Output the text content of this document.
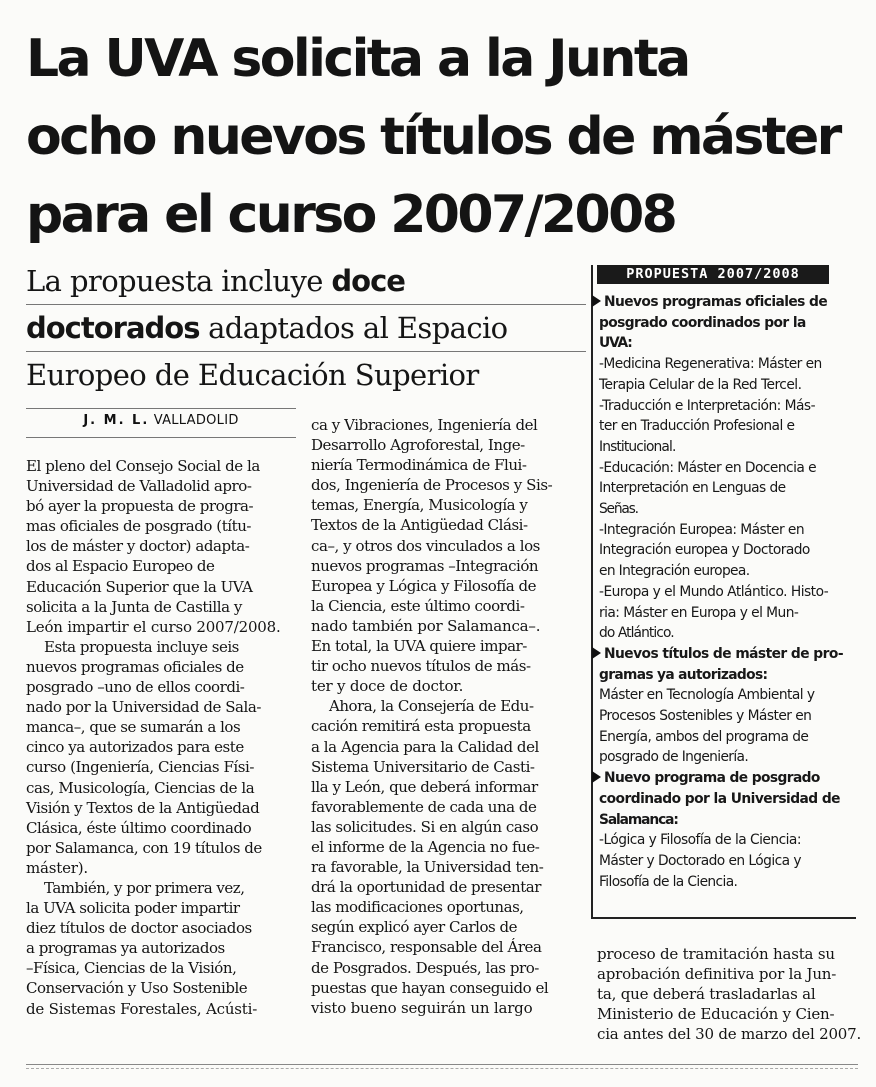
La UVA solicita a la Junta
ocho nuevos títulos de máster
para el curso 2007/2008
La propuesta incluye doce
doctorados adaptados al Espacio
Europeo de Educación Superior
J. M. L. VALLADOLID
El pleno del Consejo Social de la
Universidad de Valladolid apro-
bó ayer la propuesta de progra-
mas oficiales de posgrado (títu-
los de máster y doctor) adapta-
dos al Espacio Europeo de
Educación Superior que la UVA
solicita a la Junta de Castilla y
León impartir el curso 2007/2008.
Esta propuesta incluye seis
nuevos programas oficiales de
posgrado –uno de ellos coordi-
nado por la Universidad de Sala-
manca–, que se sumarán a los
cinco ya autorizados para este
curso (Ingeniería, Ciencias Físi-
cas, Musicología, Ciencias de la
Visión y Textos de la Antigüedad
Clásica, éste último coordinado
por Salamanca, con 19 títulos de
máster).
También, y por primera vez,
la UVA solicita poder impartir
diez títulos de doctor asociados
a programas ya autorizados
–Física, Ciencias de la Visión,
Conservación y Uso Sostenible
de Sistemas Forestales, Acústi-
ca y Vibraciones, Ingeniería del
Desarrollo Agroforestal, Inge-
niería Termodinámica de Flui-
dos, Ingeniería de Procesos y Sis-
temas, Energía, Musicología y
Textos de la Antigüedad Clási-
ca–, y otros dos vinculados a los
nuevos programas –Integración
Europea y Lógica y Filosofía de
la Ciencia, este último coordi-
nado también por Salamanca–.
En total, la UVA quiere impar-
tir ocho nuevos títulos de más-
ter y doce de doctor.
Ahora, la Consejería de Edu-
cación remitirá esta propuesta
a la Agencia para la Calidad del
Sistema Universitario de Casti-
lla y León, que deberá informar
favorablemente de cada una de
las solicitudes. Si en algún caso
el informe de la Agencia no fue-
ra favorable, la Universidad ten-
drá la oportunidad de presentar
las modificaciones oportunas,
según explicó ayer Carlos de
Francisco, responsable del Área
de Posgrados. Después, las pro-
puestas que hayan conseguido el
visto bueno seguirán un largo
proceso de tramitación hasta su
aprobación definitiva por la Jun-
ta, que deberá trasladarlas al
Ministerio de Educación y Cien-
cia antes del 30 de marzo del 2007.
PROPUESTA 2007/2008
Nuevos programas oficiales de
posgrado coordinados por la
UVA:
-Medicina Regenerativa: Máster en
Terapia Celular de la Red Tercel.
-Traducción e Interpretación: Más-
ter en Traducción Profesional e
Institucional.
-Educación: Máster en Docencia e
Interpretación en Lenguas de
Señas.
-Integración Europea: Máster en
Integración europea y Doctorado
en Integración europea.
-Europa y el Mundo Atlántico. Histo-
ria: Máster en Europa y el Mun-
do Atlántico.
Nuevos títulos de máster de pro-
gramas ya autorizados:
Máster en Tecnología Ambiental y
Procesos Sostenibles y Máster en
Energía, ambos del programa de
posgrado de Ingeniería.
Nuevo programa de posgrado
coordinado por la Universidad de
Salamanca:
-Lógica y Filosofía de la Ciencia:
Máster y Doctorado en Lógica y
Filosofía de la Ciencia.
